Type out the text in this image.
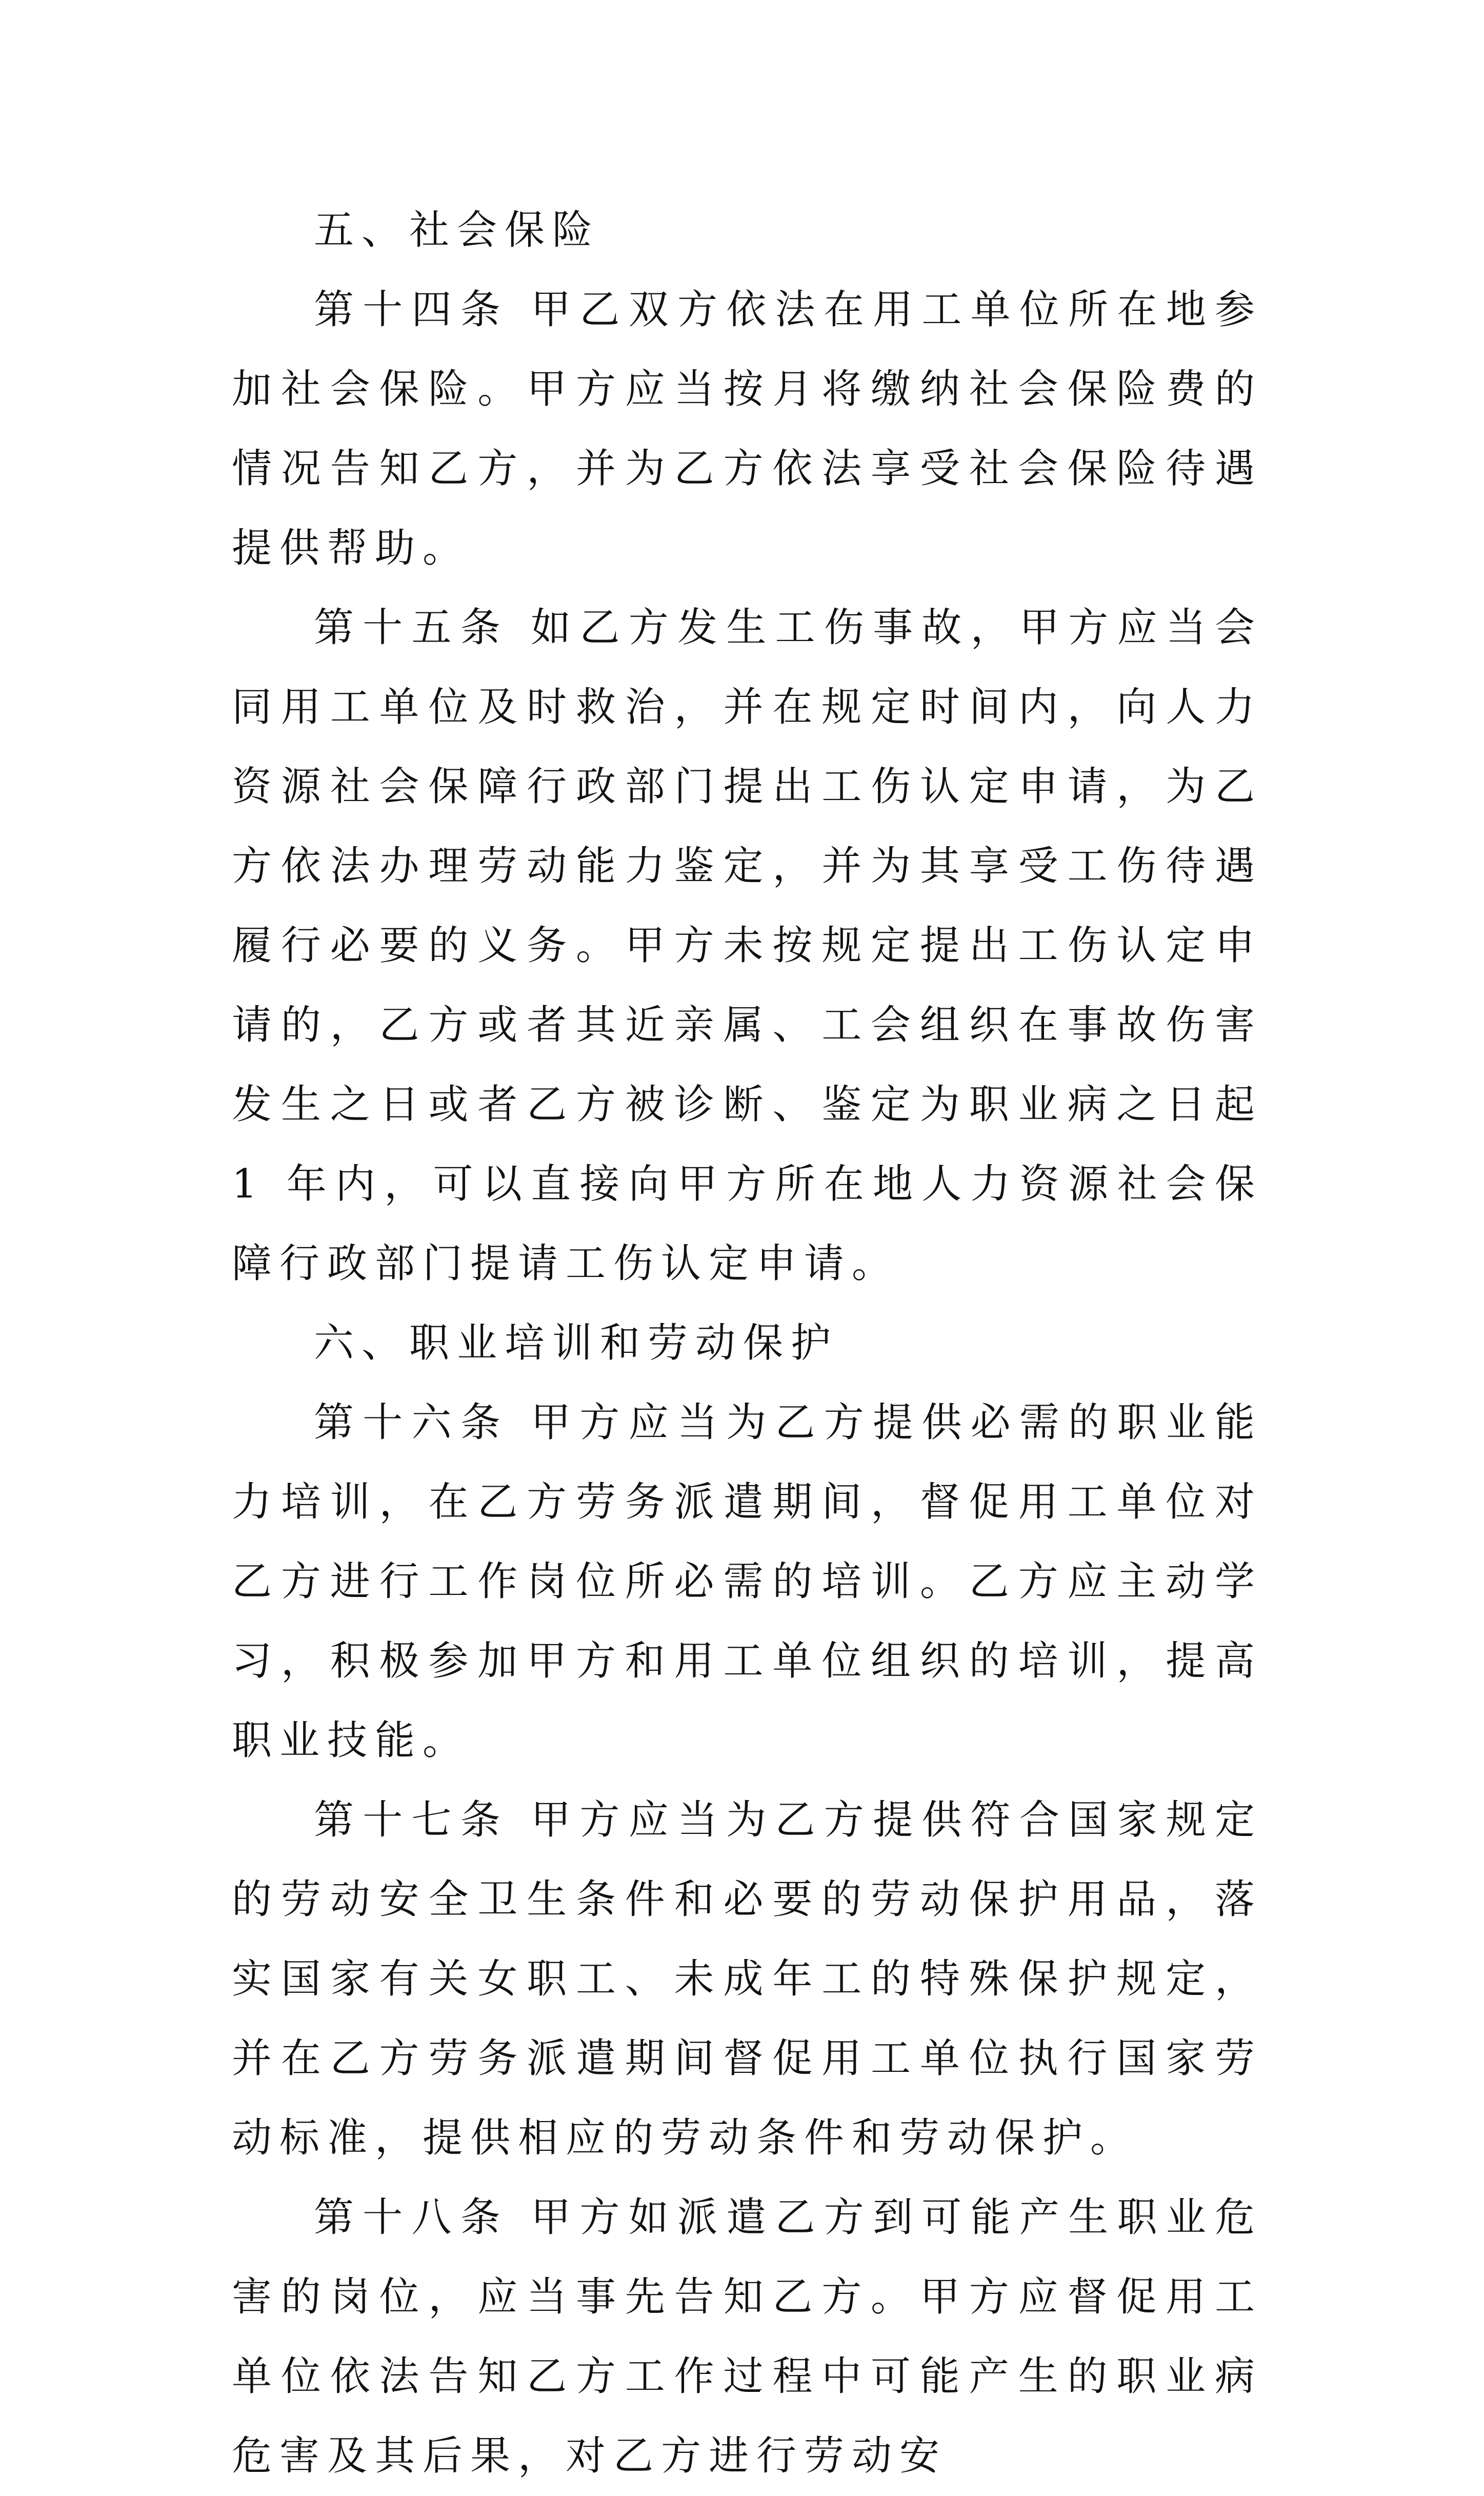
五、社会保险

第十四条 甲乙双方依法在用工单位所在地参加社会保险。甲方应当按月将缴纳社会保险费的情况告知乙方，并为乙方依法享受社会保险待遇提供帮助。

第十五条 如乙方发生工伤事故，甲方应当会同用工单位及时救治，并在规定时间内，向人力资源社会保障行政部门提出工伤认定申请，为乙方依法办理劳动能力鉴定，并为其享受工伤待遇履行必要的义务。甲方未按规定提出工伤认定申请的，乙方或者其近亲属、工会组织在事故伤害发生之日或者乙方被诊断、鉴定为职业病之日起 1 年内，可以直接向甲方所在地人力资源社会保障行政部门提请工伤认定申请。

六、职业培训和劳动保护

第十六条 甲方应当为乙方提供必需的职业能力培训，在乙方劳务派遣期间，督促用工单位对乙方进行工作岗位所必需的培训。乙方应主动学习，积极参加甲方和用工单位组织的培训，提高职业技能。

第十七条 甲方应当为乙方提供符合国家规定的劳动安全卫生条件和必要的劳动保护用品，落实国家有关女职工、未成年工的特殊保护规定，并在乙方劳务派遣期间督促用工单位执行国家劳动标准，提供相应的劳动条件和劳动保护。

第十八条 甲方如派遣乙方到可能产生职业危害的岗位，应当事先告知乙方。甲方应督促用工单位依法告知乙方工作过程中可能产生的职业病危害及其后果，对乙方进行劳动安
